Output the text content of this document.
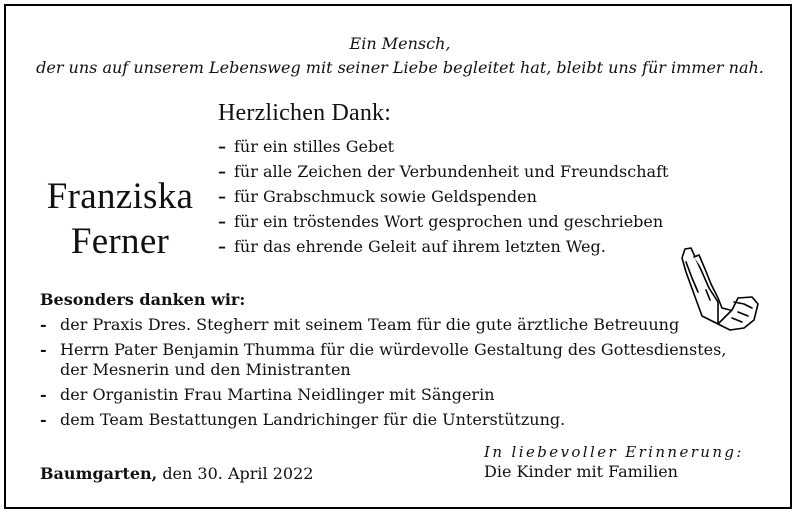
Ein Mensch,
der uns auf unserem Lebensweg mit seiner Liebe begleitet hat, bleibt uns für immer nah.
Franziska
Ferner
Herzlichen Dank:
– für ein stilles Gebet
– für alle Zeichen der Verbundenheit und Freundschaft
– für Grabschmuck sowie Geldspenden
– für ein tröstendes Wort gesprochen und geschrieben
– für das ehrende Geleit auf ihrem letzten Weg.
Besonders danken wir:
- der Praxis Dres. Stegherr mit seinem Team für die gute ärztliche Betreuung
- Herrn Pater Benjamin Thumma für die würdevolle Gestaltung des Gottesdienstes,
der Mesnerin und den Ministranten
- der Organistin Frau Martina Neidlinger mit Sängerin
- dem Team Bestattungen Landrichinger für die Unterstützung.
Baumgarten, den 30. April 2022
In liebevoller Erinnerung:
Die Kinder mit Familien
